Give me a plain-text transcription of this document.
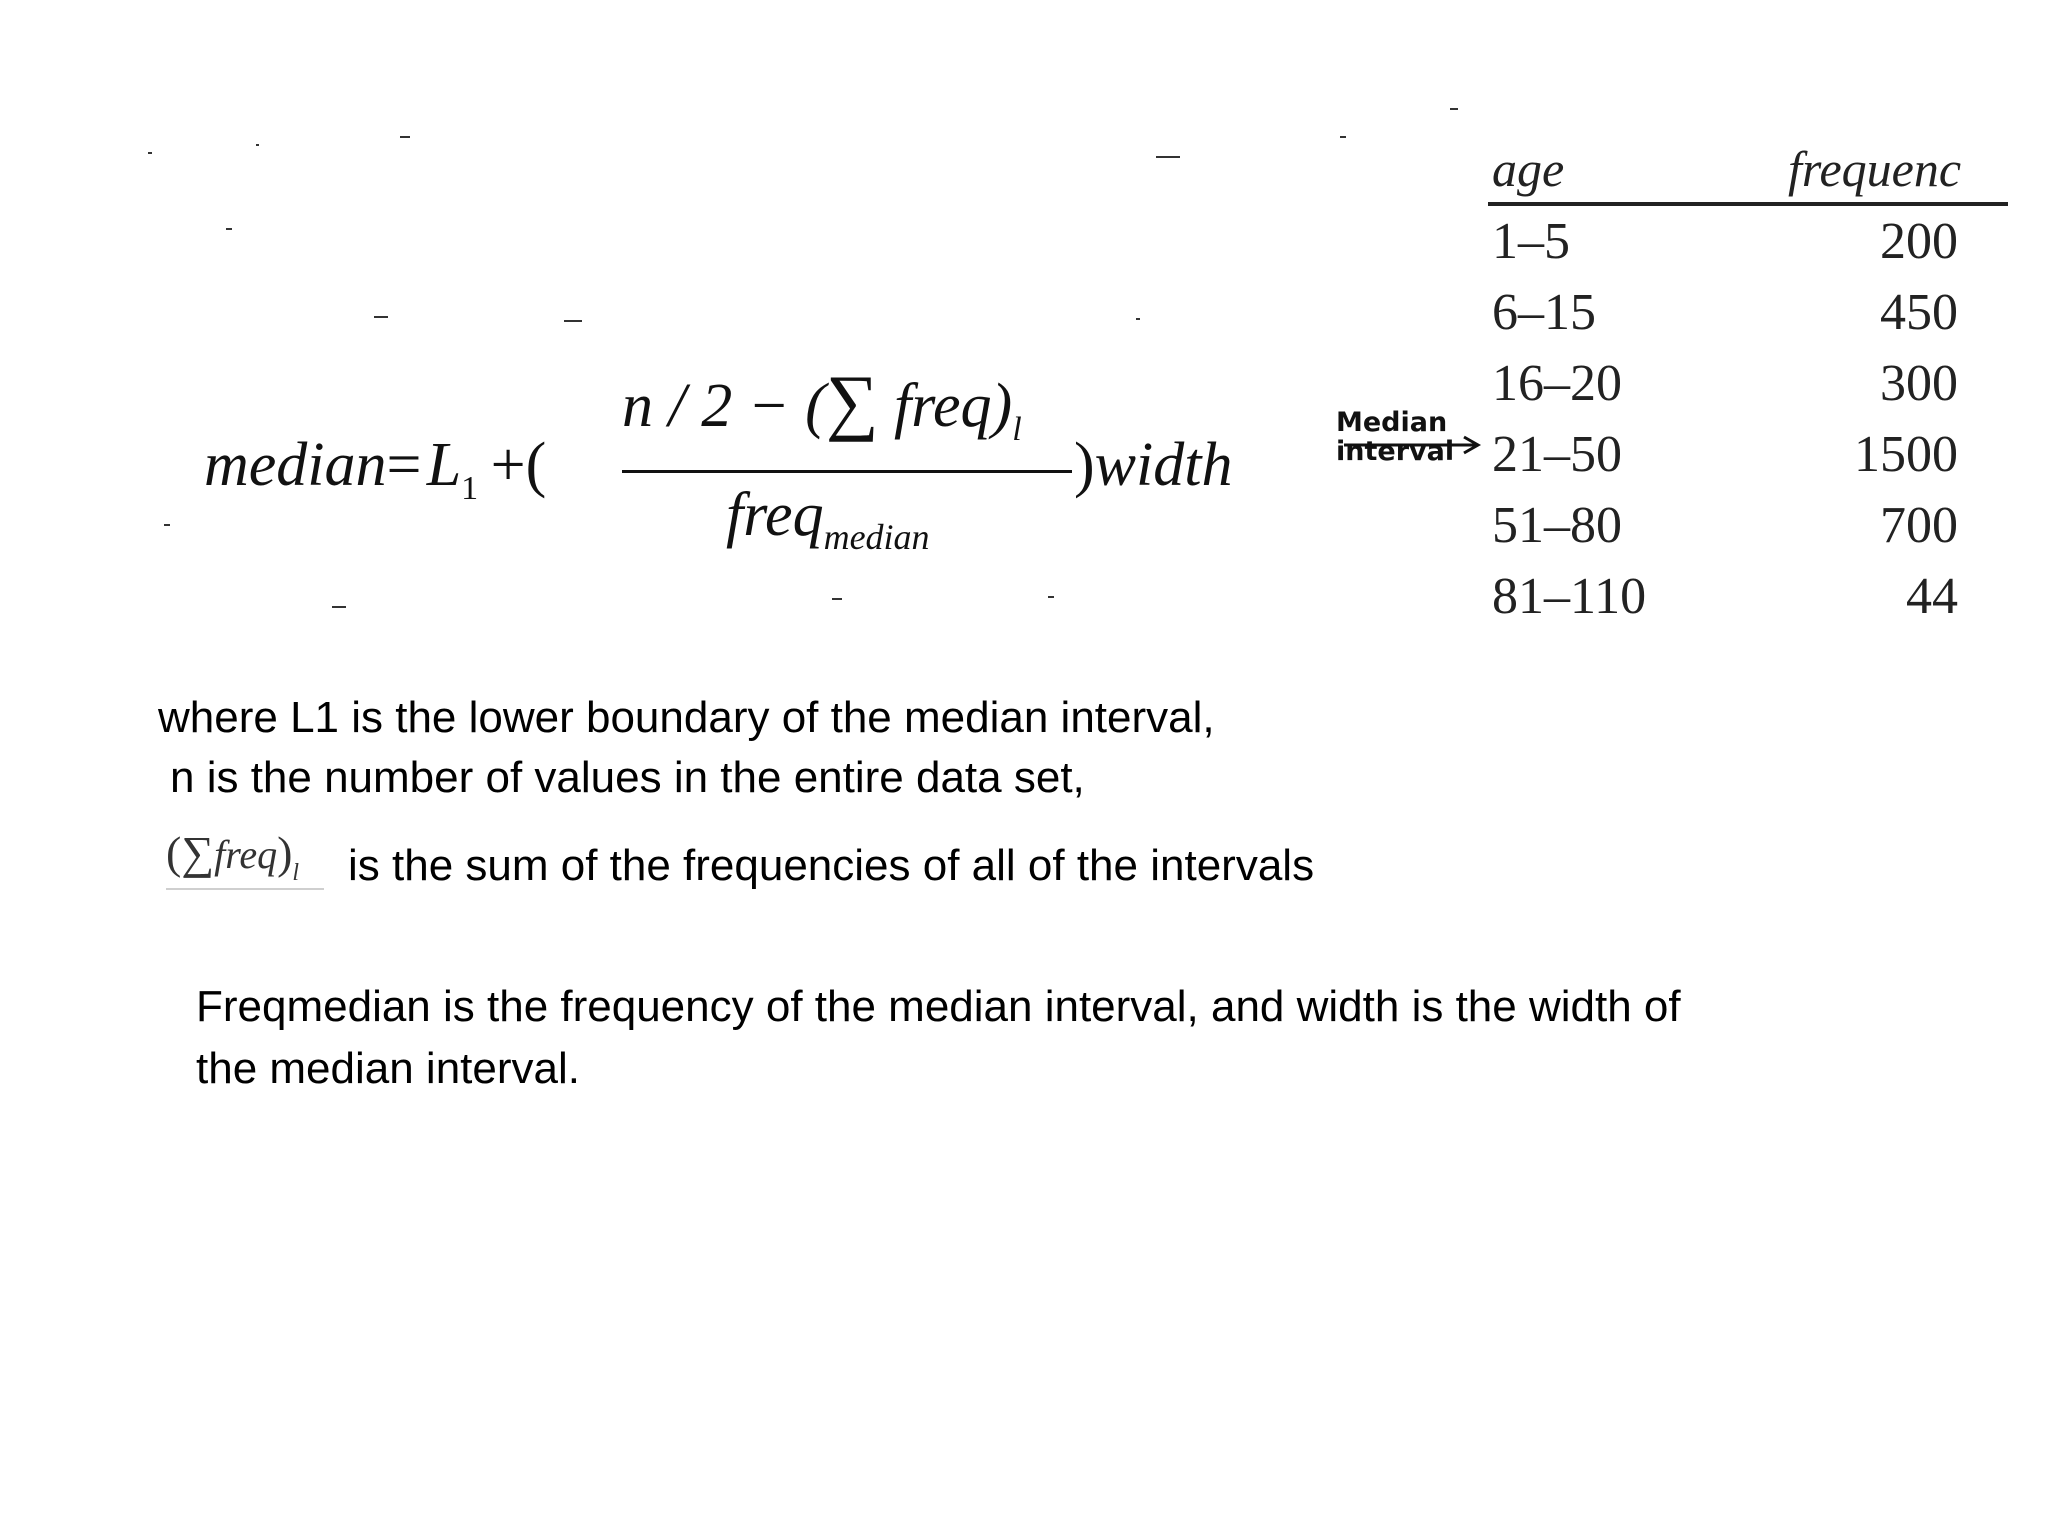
median= $L_1$  +(
n / 2 − (∑ $freq)_l$
)width
freq$_{median}$
Median
interval
age	frequenc
1–5	200
6–15	450
16–20	300
21–50	1500
51–80	700
81–110	44
where L1 is the lower boundary of the median interval,
n is the number of values in the entire data set,
$(\sum freq)_l$	is the sum of the frequencies of all of the intervals
Freqmedian is the frequency of the median interval, and width is the width of
the median interval.
